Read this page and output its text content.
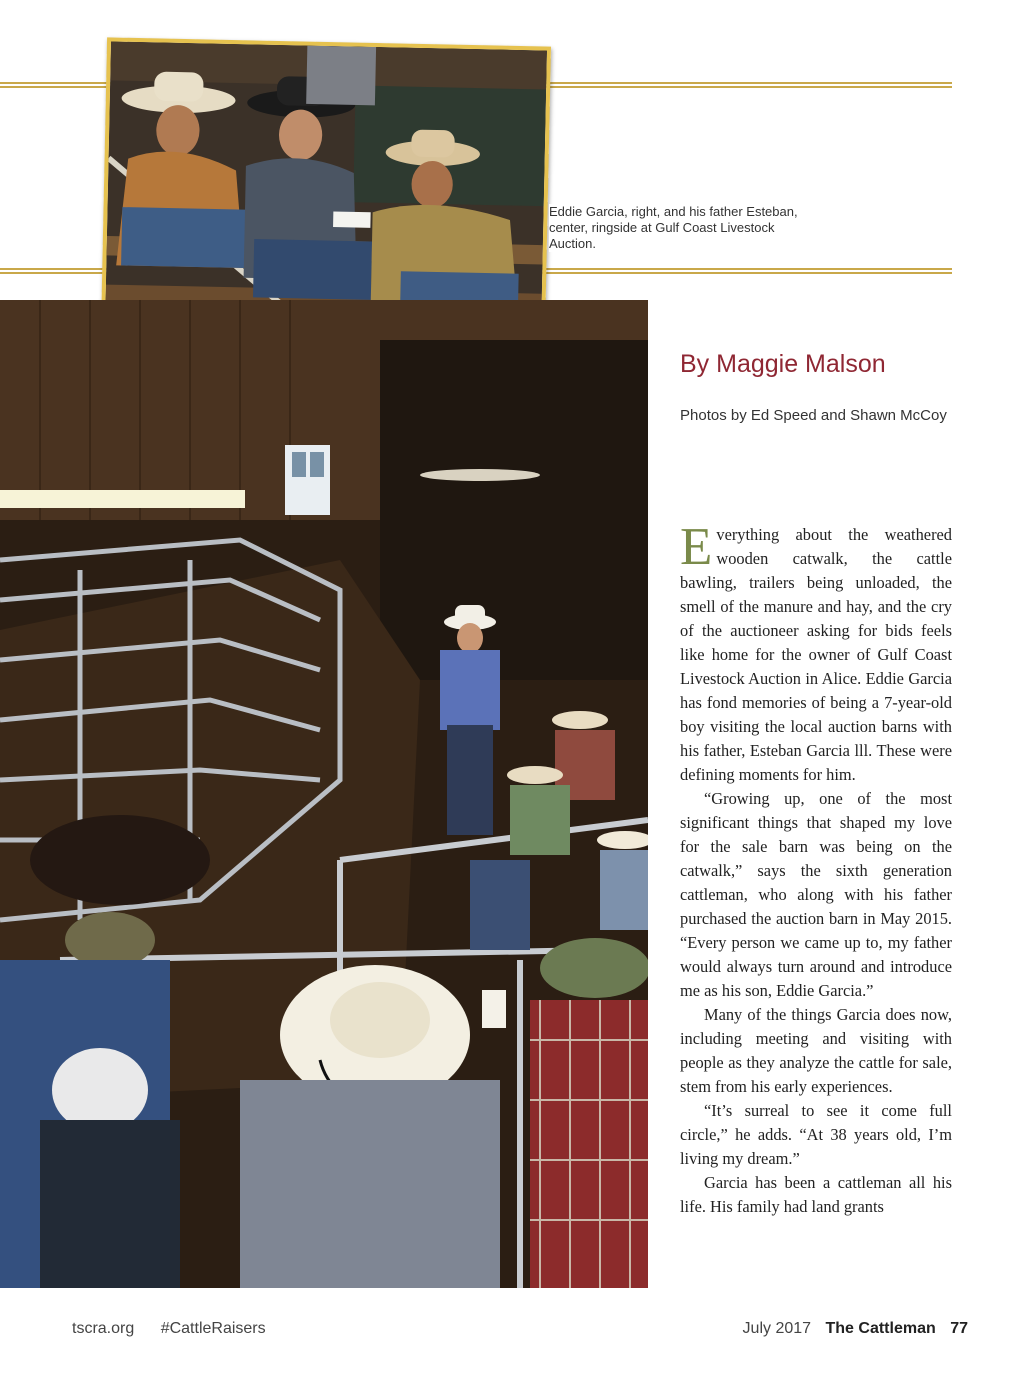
Eddie Garcia, right, and his father Esteban, center, ringside at Gulf Coast Livestock Auction.
By Maggie Malson
Photos by Ed Speed and Shawn McCoy

Everything about the weathered wooden catwalk, the cattle bawling, trailers being unloaded, the smell of the manure and hay, and the cry of the auctioneer asking for bids feels like home for the owner of Gulf Coast Livestock Auction in Alice. Eddie Garcia has fond memories of being a 7-year-old boy visiting the local auction barns with his father, Esteban Garcia lll. These were defining moments for him.

“Growing up, one of the most significant things that shaped my love for the sale barn was being on the catwalk,” says the sixth generation cattleman, who along with his father purchased the auction barn in May 2015. “Every person we came up to, my father would always turn around and introduce me as his son, Eddie Garcia.”

Many of the things Garcia does now, including meeting and visiting with people as they analyze the cattle for sale, stem from his early experiences.

“It’s surreal to see it come full circle,” he adds. “At 38 years old, I’m living my dream.”

Garcia has been a cattleman all his life. His family had land grants

tscra.org #CattleRaisers	July 2017 The Cattleman 77
